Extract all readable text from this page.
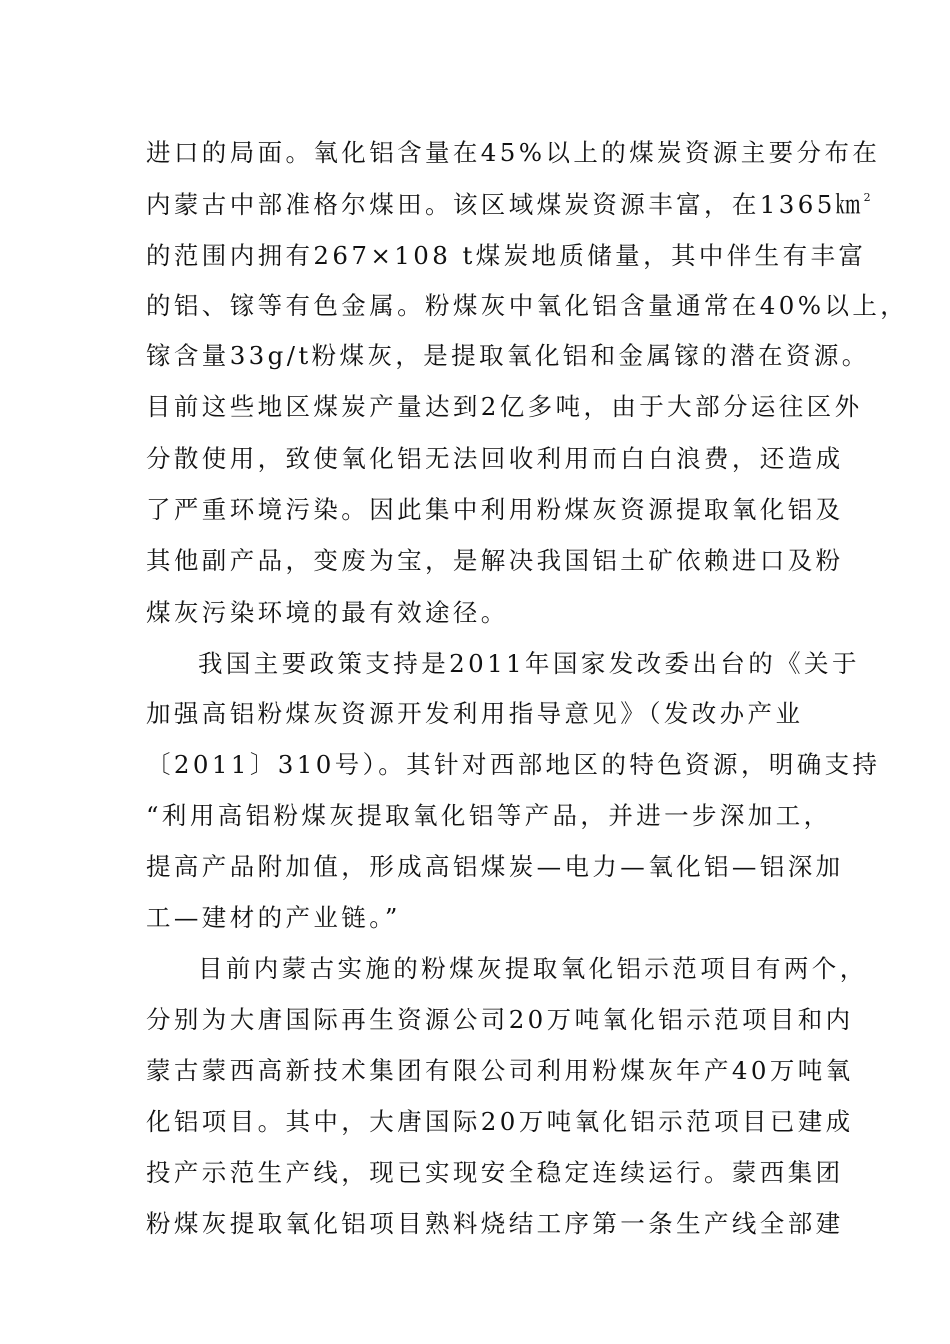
进口的局面。氧化铝含量在45%以上的煤炭资源主要分布在
内蒙古中部准格尔煤田。该区域煤炭资源丰富，在1365㎞$^2$
的范围内拥有267×108 t煤炭地质储量，其中伴生有丰富
的铝、镓等有色金属。粉煤灰中氧化铝含量通常在40%以上，
镓含量33g/t粉煤灰，是提取氧化铝和金属镓的潜在资源。
目前这些地区煤炭产量达到2亿多吨，由于大部分运往区外
分散使用，致使氧化铝无法回收利用而白白浪费，还造成
了严重环境污染。因此集中利用粉煤灰资源提取氧化铝及
其他副产品，变废为宝，是解决我国铝土矿依赖进口及粉
煤灰污染环境的最有效途径。
我国主要政策支持是2011年国家发改委出台的《关于
加强高铝粉煤灰资源开发利用指导意见》（发改办产业
〔2011〕310号）。其针对西部地区的特色资源，明确支持
“利用高铝粉煤灰提取氧化铝等产品，并进一步深加工，
提高产品附加值，形成高铝煤炭—电力—氧化铝—铝深加
工—建材的产业链。”
目前内蒙古实施的粉煤灰提取氧化铝示范项目有两个，
分别为大唐国际再生资源公司20万吨氧化铝示范项目和内
蒙古蒙西高新技术集团有限公司利用粉煤灰年产40万吨氧
化铝项目。其中，大唐国际20万吨氧化铝示范项目已建成
投产示范生产线，现已实现安全稳定连续运行。蒙西集团
粉煤灰提取氧化铝项目熟料烧结工序第一条生产线全部建
